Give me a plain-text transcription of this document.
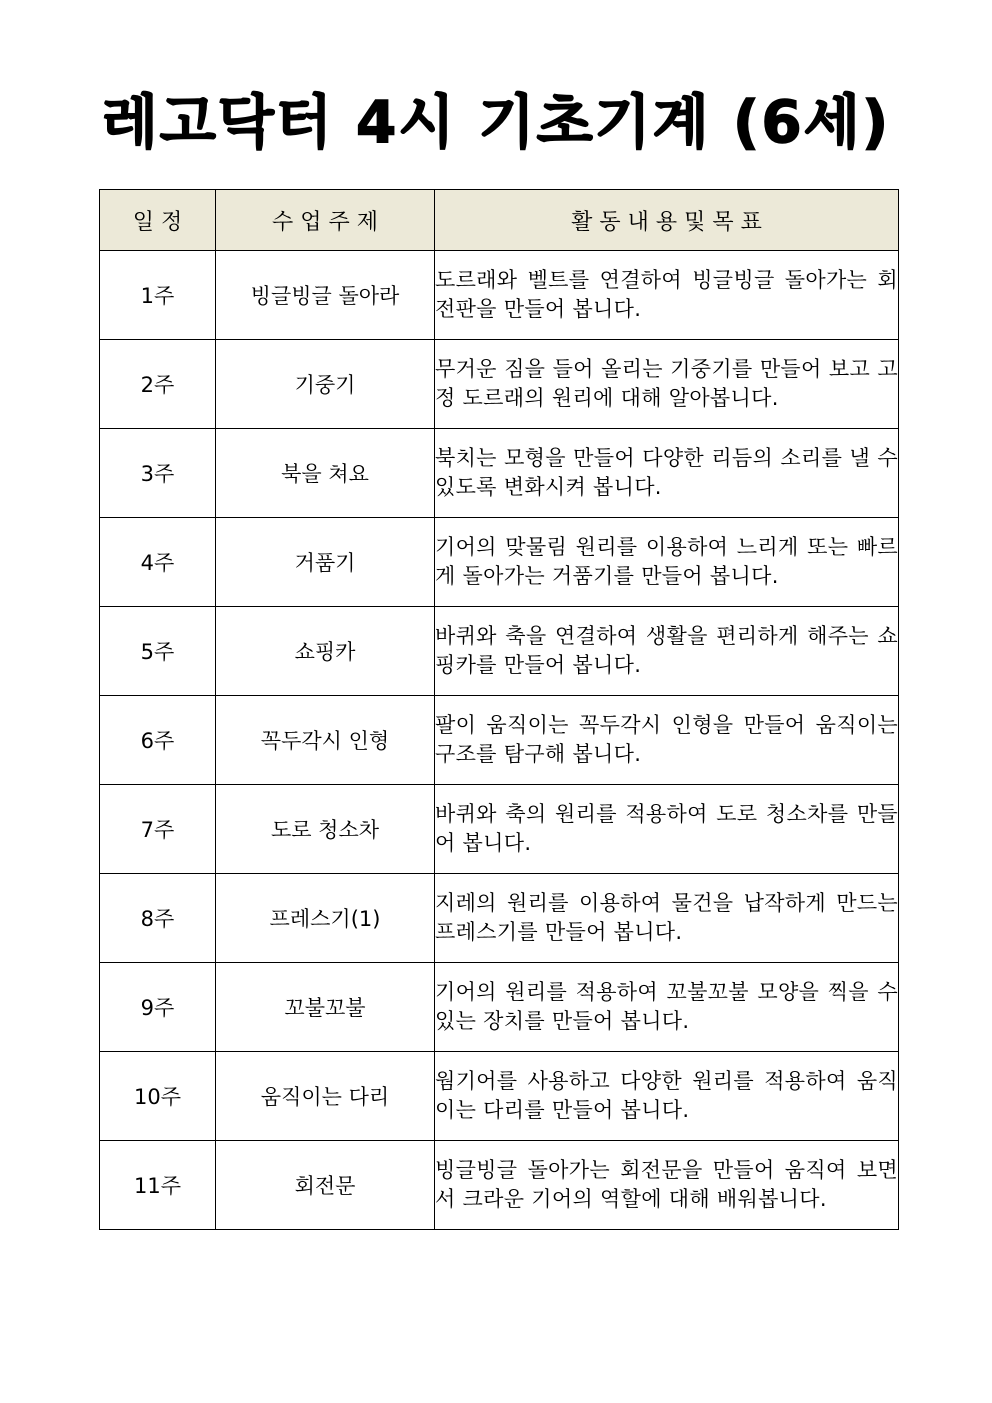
레고닥터 4시 기초기계 (6세)
일 정	수 업 주 제	활 동 내 용 및 목 표
1주	빙글빙글 돌아라	도르래와 벨트를 연결하여 빙글빙글 돌아가는 회전판을 만들어 봅니다.
2주	기중기	무거운 짐을 들어 올리는 기중기를 만들어 보고 고정 도르래의 원리에 대해 알아봅니다.
3주	북을 쳐요	북치는 모형을 만들어 다양한 리듬의 소리를 낼 수 있도록 변화시켜 봅니다.
4주	거품기	기어의 맞물림 원리를 이용하여 느리게 또는 빠르게 돌아가는 거품기를 만들어 봅니다.
5주	쇼핑카	바퀴와 축을 연결하여 생활을 편리하게 해주는 쇼핑카를 만들어 봅니다.
6주	꼭두각시 인형	팔이 움직이는 꼭두각시 인형을 만들어 움직이는 구조를 탐구해 봅니다.
7주	도로 청소차	바퀴와 축의 원리를 적용하여 도로 청소차를 만들어 봅니다.
8주	프레스기(1)	지레의 원리를 이용하여 물건을 납작하게 만드는 프레스기를 만들어 봅니다.
9주	꼬불꼬불	기어의 원리를 적용하여 꼬불꼬불 모양을 찍을 수 있는 장치를 만들어 봅니다.
10주	움직이는 다리	웜기어를 사용하고 다양한 원리를 적용하여 움직이는 다리를 만들어 봅니다.
11주	회전문	빙글빙글 돌아가는 회전문을 만들어 움직여 보면서 크라운 기어의 역할에 대해 배워봅니다.
